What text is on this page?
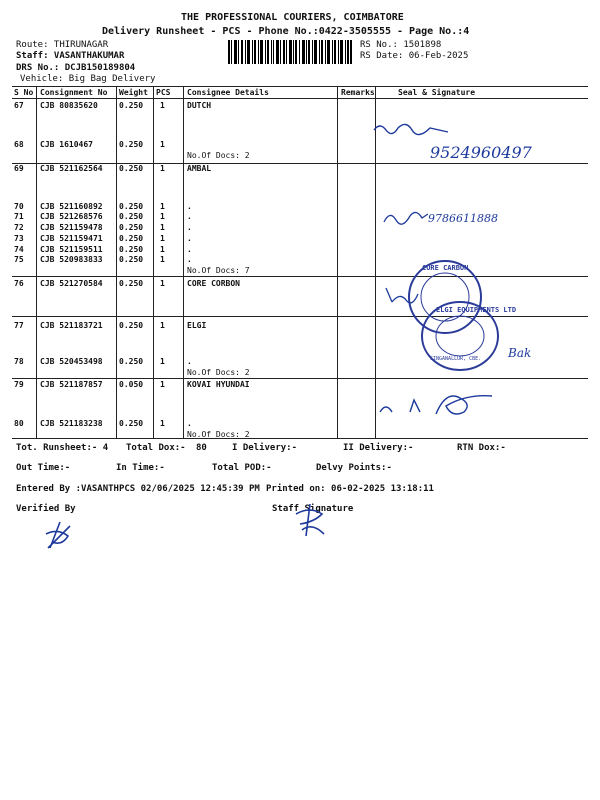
THE PROFESSIONAL COURIERS, COIMBATORE
Delivery Runsheet - PCS - Phone No.:0422-3505555 - Page No.:4
Route: THIRUNAGAR
Staff: VASANTHAKUMAR
DRS No.: DCJB150189804
Vehicle: Big Bag Delivery
RS No.: 1501898
RS Date: 06-Feb-2025
S No Consignment No Weight PCS Consignee Details	Remarks	Seal & Signature
67 CJB 80835620	0.250 1	DUTCH
68 CJB 1610467	0.250 1
No.Of Docs: 2
69 CJB 521162564 0.250 1	AMBAL
70 CJB 521160892 0.250 1	.
71 CJB 521268576 0.250 1	.
72 CJB 521159478 0.250 1	.
73 CJB 521159471 0.250 1	.
74 CJB 521159511 0.250 1	.
75 CJB 520983833 0.250 1	.
No.Of Docs: 7
76 CJB 521270584 0.250 1	CORE CORBON
77 CJB 521183721 0.250 1	ELGI
78 CJB 520453498 0.250 1	.
No.Of Docs: 2
79 CJB 521187857 0.050 1	KOVAI HYUNDAI
80 CJB 521183238 0.250 1	.
No.Of Docs: 2
CORE CARBON
ELGI EQUIPMENTS LTD
SINGANALLUR, CBE.
9524960497
9786611888
Bak
Tot. Runsheet:- 4 Total Dox:- 80	I Delivery:-	II Delivery:-	RTN Dox:-
Out Time:-	In Time:-	Total POD:-	Delvy Points:-
Entered By :VASANTHPCS 02/06/2025 12:45:39 PM Printed on: 06-02-2025 13:18:11
Verified By	Staff Signature
